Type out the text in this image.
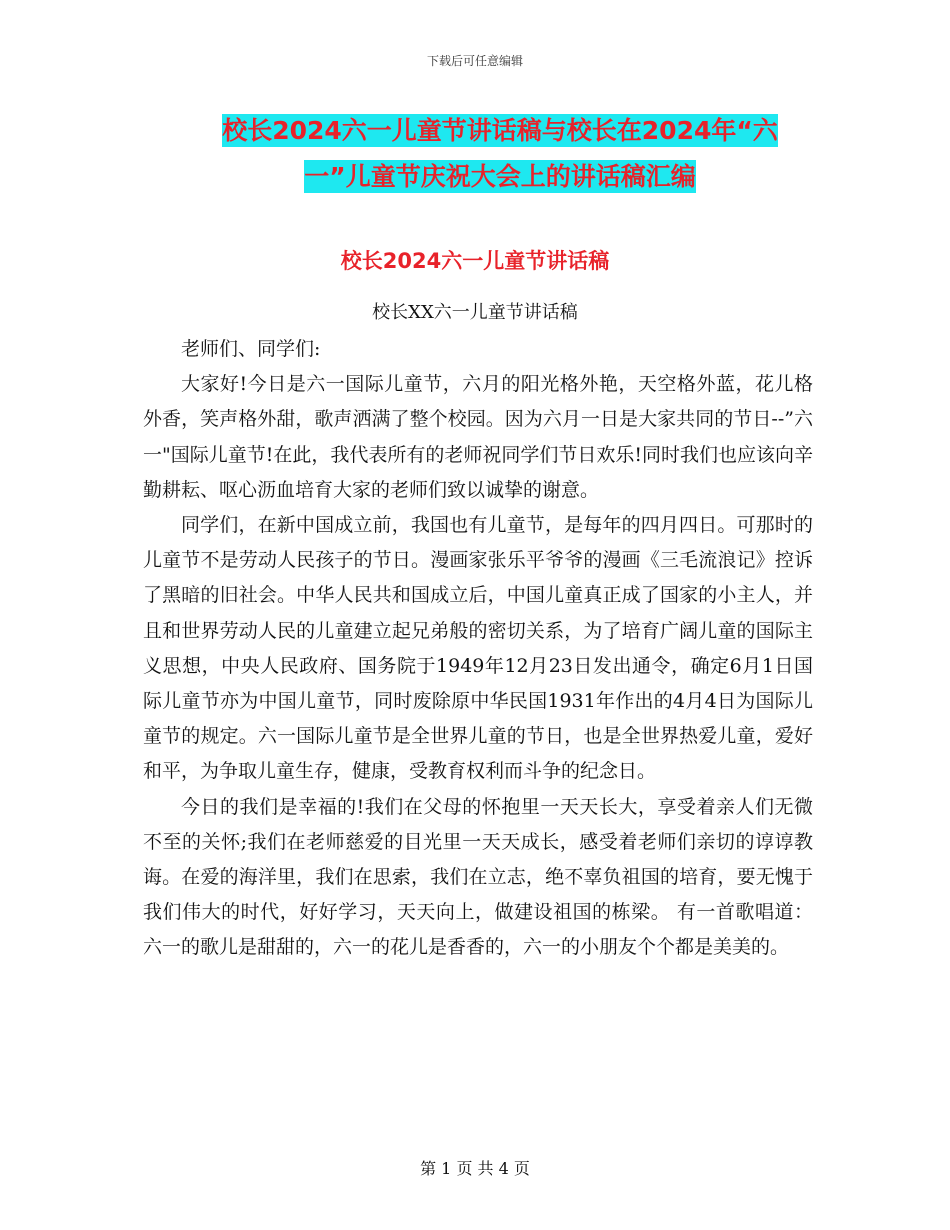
下载后可任意编辑
校长2024六一儿童节讲话稿与校长在2024年“六
一”儿童节庆祝大会上的讲话稿汇编
校长2024六一儿童节讲话稿
校长XX六一儿童节讲话稿

老师们、同学们:

大家好!今日是六一国际儿童节，六月的阳光格外艳，天空格外蓝，花儿格外香，笑声格外甜，歌声洒满了整个校园。因为六月一日是大家共同的节日--”六一"国际儿童节!在此，我代表所有的老师祝同学们节日欢乐!同时我们也应该向辛勤耕耘、呕心沥血培育大家的老师们致以诚挚的谢意。

同学们，在新中国成立前，我国也有儿童节，是每年的四月四日。可那时的儿童节不是劳动人民孩子的节日。漫画家张乐平爷爷的漫画《三毛流浪记》控诉了黑暗的旧社会。中华人民共和国成立后，中国儿童真正成了国家的小主人，并且和世界劳动人民的儿童建立起兄弟般的密切关系，为了培育广阔儿童的国际主义思想，中央人民政府、国务院于1949年12月23日发出通令，确定6月1日国际儿童节亦为中国儿童节，同时废除原中华民国1931年作出的4月4日为国际儿童节的规定。六一国际儿童节是全世界儿童的节日，也是全世界热爱儿童，爱好和平，为争取儿童生存，健康，受教育权利而斗争的纪念日。

今日的我们是幸福的!我们在父母的怀抱里一天天长大，享受着亲人们无微不至的关怀;我们在老师慈爱的目光里一天天成长，感受着老师们亲切的谆谆教诲。在爱的海洋里，我们在思索，我们在立志，绝不辜负祖国的培育，要无愧于我们伟大的时代，好好学习，天天向上，做建设祖国的栋梁。 有一首歌唱道：六一的歌儿是甜甜的，六一的花儿是香香的，六一的小朋友个个都是美美的。

第 1 页 共 4 页
